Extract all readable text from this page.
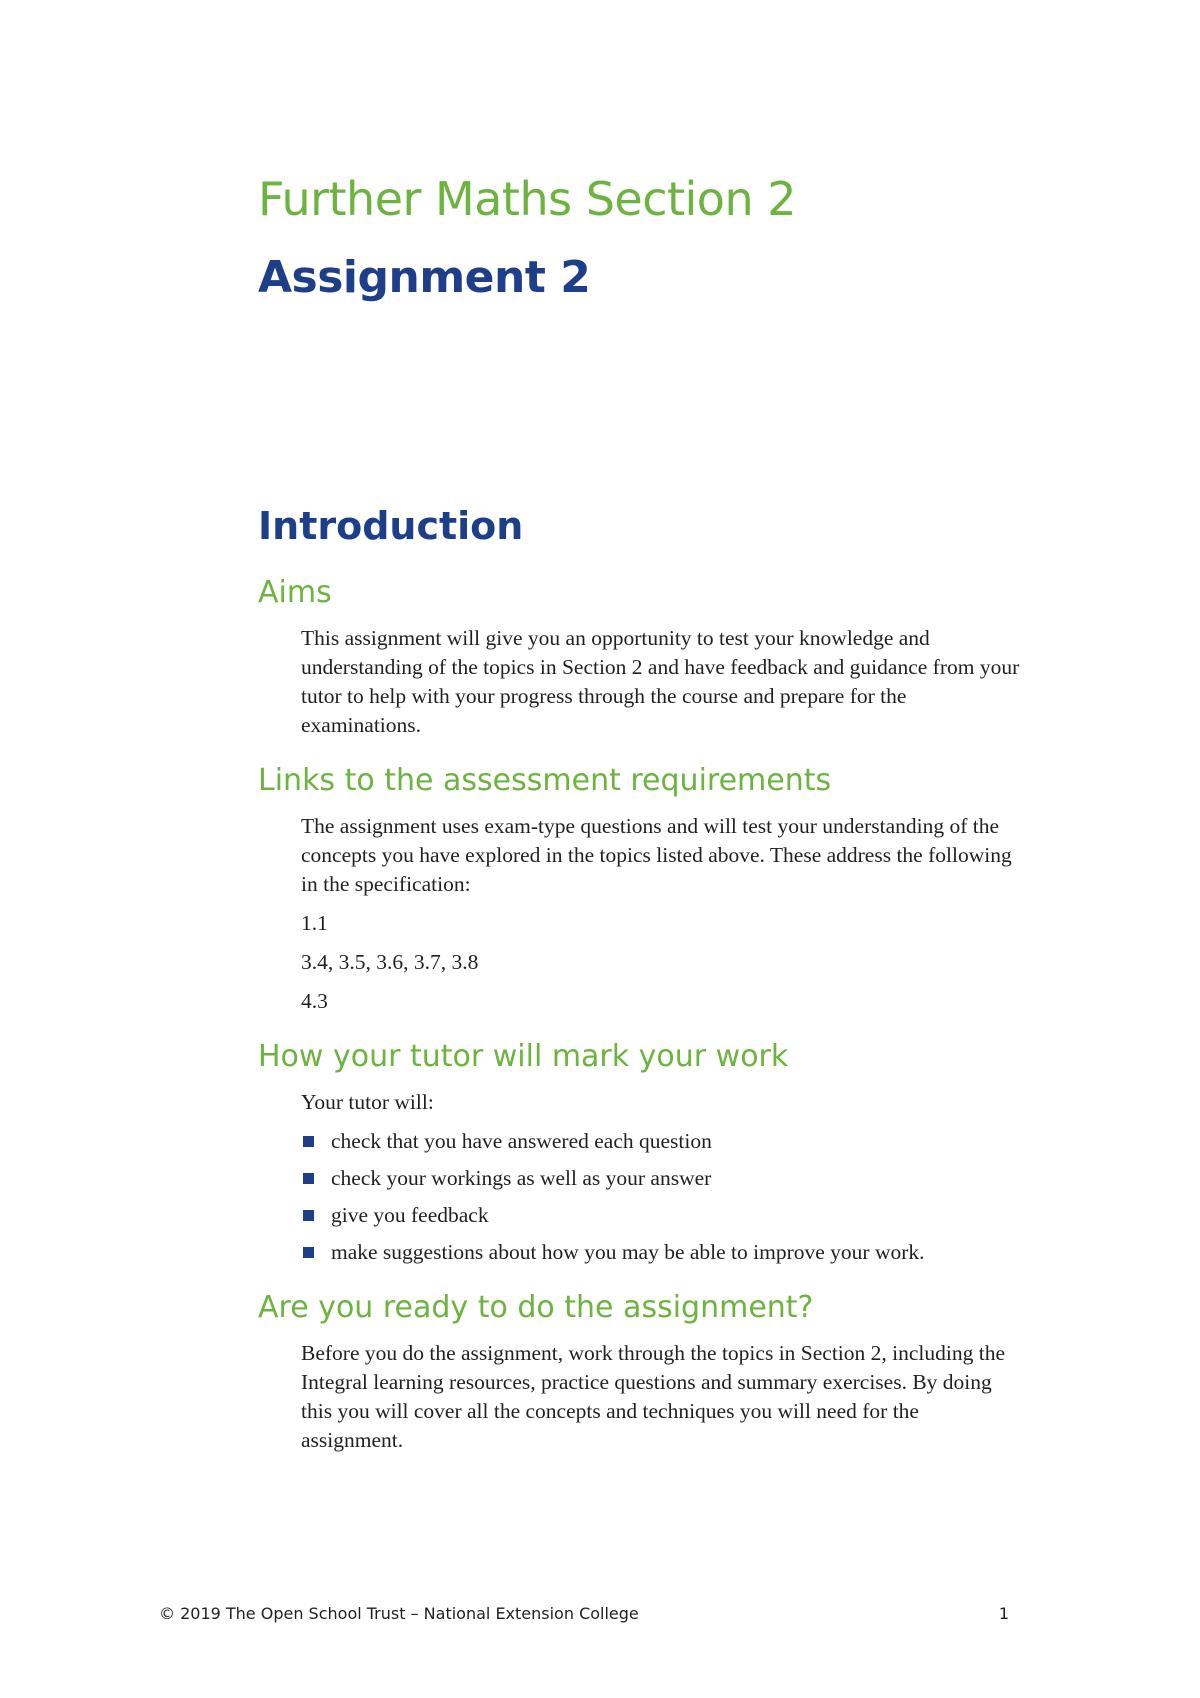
Further Maths Section 2
Assignment 2
Introduction
Aims

This assignment will give you an opportunity to test your knowledge and understanding of the topics in Section 2 and have feedback and guidance from your tutor to help with your progress through the course and prepare for the examinations.

Links to the assessment requirements

The assignment uses exam-type questions and will test your understanding of the concepts you have explored in the topics listed above. These address the following in the specification:

1.1

3.4, 3.5, 3.6, 3.7, 3.8

4.3

How your tutor will mark your work

Your tutor will:

check that you have answered each question
check your workings as well as your answer
give you feedback
make suggestions about how you may be able to improve your work.
Are you ready to do the assignment?

Before you do the assignment, work through the topics in Section 2, including the Integral learning resources, practice questions and summary exercises. By doing this you will cover all the concepts and techniques you will need for the assignment.

© 2019 The Open School Trust – National Extension College	1
